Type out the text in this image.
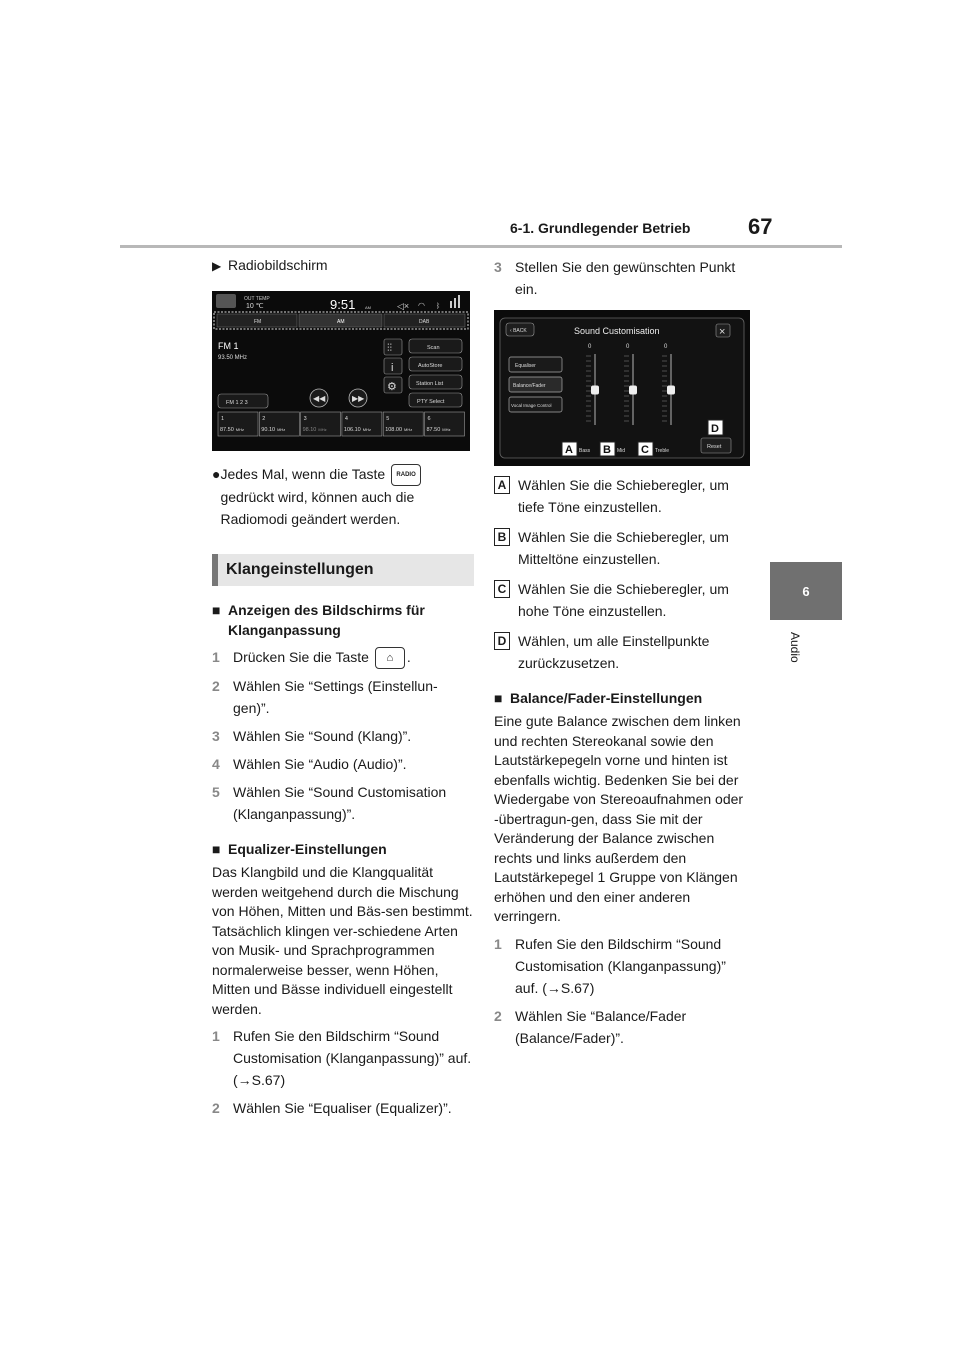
6-1. Grundlegender Betrieb	67
6
Audio
▶ Radiobildschirm
OUT TEMP
10 ℃	9:51 AM	◁× ◠ ᛒ
FM	AM	DAB
FM 1
93.50 MHz
⫶⫶
i
⚙
Scan
AutoStore
Station List
PTY Select
◀◀	▶▶
FM 1 2 3
1
87.50 MHz
2
90.10 MHz
3
98.10 MHz
4
106.10 MHz
5
108.00 MHz
6
87.50 MHz
● Jedes Mal, wenn die Taste RADIO gedrückt wird, können auch die Radiomodi geändert werden.
Klangeinstellungen
■ Anzeigen des Bildschirms für Klanganpassung
1 Drücken Sie die Taste ⌂ .
2 Wählen Sie “Settings (Einstellun-gen)”.
3 Wählen Sie “Sound (Klang)”.
4 Wählen Sie “Audio (Audio)”.
5 Wählen Sie “Sound Customisation (Klanganpassung)”.
■ Equalizer-Einstellungen
Das Klangbild und die Klangqualität werden weitgehend durch die Mischung von Höhen, Mitten und Bäs-sen bestimmt. Tatsächlich klingen ver-schiedene Arten von Musik- und Sprachprogrammen normalerweise besser, wenn Höhen, Mitten und Bässe individuell eingestellt werden.
1 Rufen Sie den Bildschirm “Sound Customisation (Klanganpassung)” auf. (→S.67)
2 Wählen Sie “Equaliser (Equalizer)”.
3 Stellen Sie den gewünschten Punkt ein.
‹ BACK	Sound Customisation	×
Equaliser
Balance/Fader
Vocal Image Control
0
A Bass
0
B Mid
0
C Treble
Reset
D
A Wählen Sie die Schieberegler, um tiefe Töne einzustellen.
B Wählen Sie die Schieberegler, um Mitteltöne einzustellen.
C Wählen Sie die Schieberegler, um hohe Töne einzustellen.
D Wählen, um alle Einstellpunkte zurückzusetzen.
■ Balance/Fader-Einstellungen
Eine gute Balance zwischen dem linken und rechten Stereokanal sowie den Lautstärkepegeln vorne und hinten ist ebenfalls wichtig. Bedenken Sie bei der Wiedergabe von Stereoaufnahmen oder -übertragun-gen, dass Sie mit der Veränderung der Balance zwischen rechts und links außerdem den Lautstärkepegel 1 Gruppe von Klängen erhöhen und den einer anderen verringern.
1 Rufen Sie den Bildschirm “Sound Customisation (Klanganpassung)” auf. (→S.67)
2 Wählen Sie “Balance/Fader (Balance/Fader)”.
